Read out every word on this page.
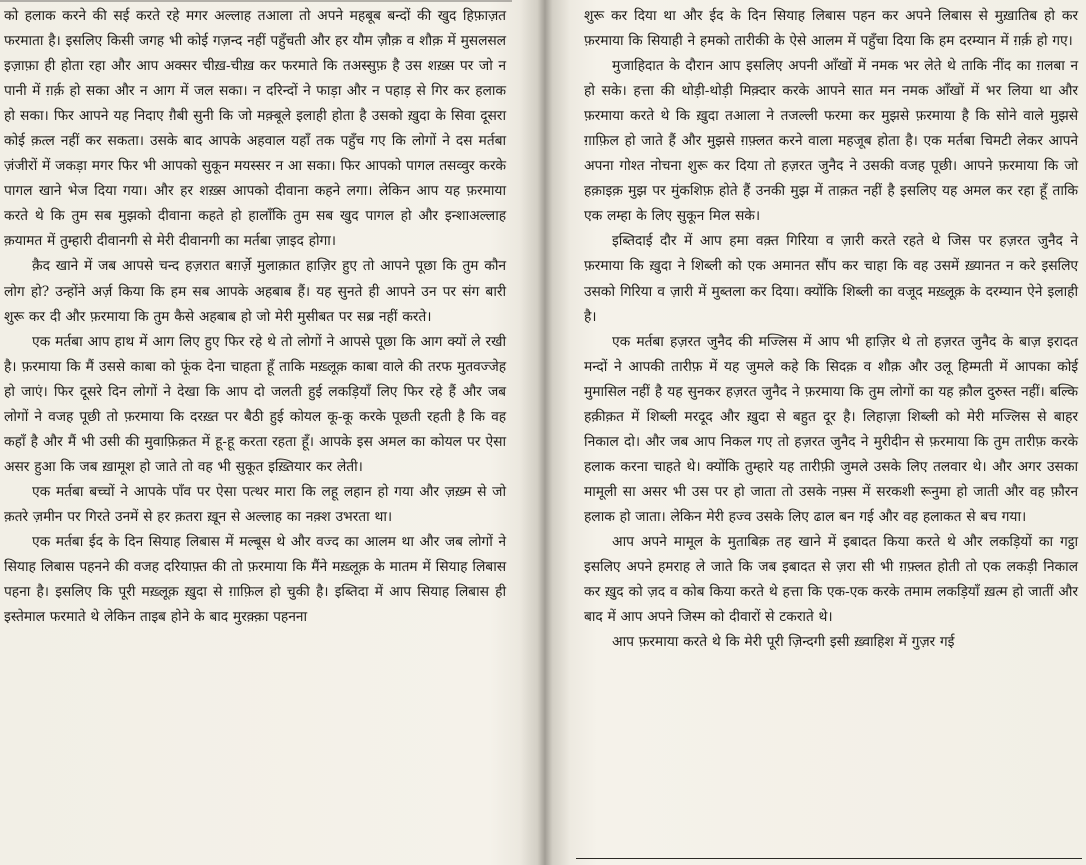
को हलाक करने की सई करते रहे मगर अल्लाह तआला तो अपने महबूब बन्दों की खुद हिफ़ाज़त फरमाता है। इसलिए किसी जगह भी कोई गज़न्द नहीं पहुँचती और हर यौम ज़ौक़ व शौक़ में मुसलसल इज़ाफ़ा ही होता रहा और आप अक्सर चीख़-चीख़ कर फरमाते कि तअस्सुफ़ है उस शख़्स पर जो न पानी में ग़र्क़ हो सका और न आग में जल सका। न दरिन्दों ने फाड़ा और न पहाड़ से गिर कर हलाक हो सका। फिर आपने यह निदाए ग़ैबी सुनी कि जो मक़्बूले इलाही होता है उसको ख़ुदा के सिवा दूसरा कोई क़त्ल नहीं कर सकता। उसके बाद आपके अहवाल यहाँ तक पहुँच गए कि लोगों ने दस मर्तबा ज़ंजीरों में जकड़ा मगर फिर भी आपको सुकून मयस्सर न आ सका। फिर आपको पागल तसव्वुर करके पागल खाने भेज दिया गया। और हर शख़्स आपको दीवाना कहने लगा। लेकिन आप यह फ़रमाया करते थे कि तुम सब मुझको दीवाना कहते हो हालाँकि तुम सब खुद पागल हो और इन्शाअल्लाह क़यामत में तुम्हारी दीवानगी से मेरी दीवानगी का मर्तबा ज़ाइद होगा।

क़ैद खाने में जब आपसे चन्द हज़रात बग़र्ज़े मुलाक़ात हाज़िर हुए तो आपने पूछा कि तुम कौन लोग हो? उन्होंने अर्ज़ किया कि हम सब आपके अहबाब हैं। यह सुनते ही आपने उन पर संग बारी शुरू कर दी और फ़रमाया कि तुम कैसे अहबाब हो जो मेरी मुसीबत पर सब्र नहीं करते।

एक मर्तबा आप हाथ में आग लिए हुए फिर रहे थे तो लोगों ने आपसे पूछा कि आग क्यों ले रखी है। फ़रमाया कि मैं उससे काबा को फूंक देना चाहता हूँ ताकि मख़्लूक़ काबा वाले की तरफ मुतवज्जेह हो जाएं। फिर दूसरे दिन लोगों ने देखा कि आप दो जलती हुई लकड़ियाँ लिए फिर रहे हैं और जब लोगों ने वजह पूछी तो फ़रमाया कि दरख़्त पर बैठी हुई कोयल कू-कू करके पूछती रहती है कि वह कहाँ है और मैं भी उसी की मुवाफ़िक़त में हू-हू करता रहता हूँ। आपके इस अमल का कोयल पर ऐसा असर हुआ कि जब ख़ामूश हो जाते तो वह भी सुकूत इख़्तियार कर लेती।

एक मर्तबा बच्चों ने आपके पाँव पर ऐसा पत्थर मारा कि लहू लहान हो गया और ज़ख़्म से जो क़तरे ज़मीन पर गिरते उनमें से हर क़तरा ख़ून से अल्लाह का नक़्श उभरता था।

एक मर्तबा ईद के दिन सियाह लिबास में मल्बूस थे और वज्द का आलम था और जब लोगों ने सियाह लिबास पहनने की वजह दरियाफ़्त की तो फ़रमाया कि मैंने मख़्लूक़ के मातम में सियाह लिबास पहना है। इसलिए कि पूरी मख़्लूक़ ख़ुदा से ग़ाफ़िल हो चुकी है। इब्तिदा में आप सियाह लिबास ही इस्तेमाल फरमाते थे लेकिन ताइब होने के बाद मुरक़्क़ा पहनना

शुरू कर दिया था और ईद के दिन सियाह लिबास पहन कर अपने लिबास से मुख़ातिब हो कर फ़रमाया कि सियाही ने हमको तारीकी के ऐसे आलम में पहुँचा दिया कि हम दरम्यान में ग़र्क़ हो गए।

मुजाहिदात के दौरान आप इसलिए अपनी आँखों में नमक भर लेते थे ताकि नींद का ग़लबा न हो सके। हत्ता की थोड़ी-थोड़ी मिक़्दार करके आपने सात मन नमक आँखों में भर लिया था और फ़रमाया करते थे कि ख़ुदा तआला ने तजल्ली फरमा कर मुझसे फ़रमाया है कि सोने वाले मुझसे ग़ाफ़िल हो जाते हैं और मुझसे ग़फ़्लत करने वाला महजूब होता है। एक मर्तबा चिमटी लेकर आपने अपना गोश्त नोचना शुरू कर दिया तो हज़रत जुनैद ने उसकी वजह पूछी। आपने फ़रमाया कि जो हक़ाइक़ मुझ पर मुंकशिफ़ होते हैं उनकी मुझ में ताक़त नहीं है इसलिए यह अमल कर रहा हूँ ताकि एक लम्हा के लिए सुकून मिल सके।

इब्तिदाई दौर में आप हमा वक़्त गिरिया व ज़ारी करते रहते थे जिस पर हज़रत जुनैद ने फ़रमाया कि ख़ुदा ने शिब्ली को एक अमानत सौंप कर चाहा कि वह उसमें ख़्यानत न करे इसलिए उसको गिरिया व ज़ारी में मुब्तला कर दिया। क्योंकि शिब्ली का वजूद मख़्लूक़ के दरम्यान ऐने इलाही है।

एक मर्तबा हज़रत जुनैद की मज्लिस में आप भी हाज़िर थे तो हज़रत जुनैद के बाज़ इरादत मन्दों ने आपकी तारीफ़ में यह जुमले कहे कि सिदक़ व शौक़ और उलू हिम्मती में आपका कोई मुमासिल नहीं है यह सुनकर हज़रत जुनैद ने फ़रमाया कि तुम लोगों का यह क़ौल दुरुस्त नहीं। बल्कि हक़ीक़त में शिब्ली मरदूद और ख़ुदा से बहुत दूर है। लिहाज़ा शिब्ली को मेरी मज्लिस से बाहर निकाल दो। और जब आप निकल गए तो हज़रत जुनैद ने मुरीदीन से फ़रमाया कि तुम तारीफ़ करके हलाक करना चाहते थे। क्योंकि तुम्हारे यह तारीफ़ी जुमले उसके लिए तलवार थे। और अगर उसका मामूली सा असर भी उस पर हो जाता तो उसके नफ़्स में सरकशी रूनुमा हो जाती और वह फ़ौरन हलाक हो जाता। लेकिन मेरी हज्व उसके लिए ढाल बन गई और वह हलाकत से बच गया।

आप अपने मामूल के मुताबिक़ तह खाने में इबादत किया करते थे और लकड़ियों का गट्ठा इसलिए अपने हमराह ले जाते कि जब इबादत से ज़रा सी भी ग़फ़्लत होती तो एक लकड़ी निकाल कर ख़ुद को ज़द व कोब किया करते थे हत्ता कि एक-एक करके तमाम लकड़ियाँ ख़त्म हो जातीं और बाद में आप अपने जिस्म को दीवारों से टकराते थे।

आप फ़रमाया करते थे कि मेरी पूरी ज़िन्दगी इसी ख़्वाहिश में गुज़र गई
